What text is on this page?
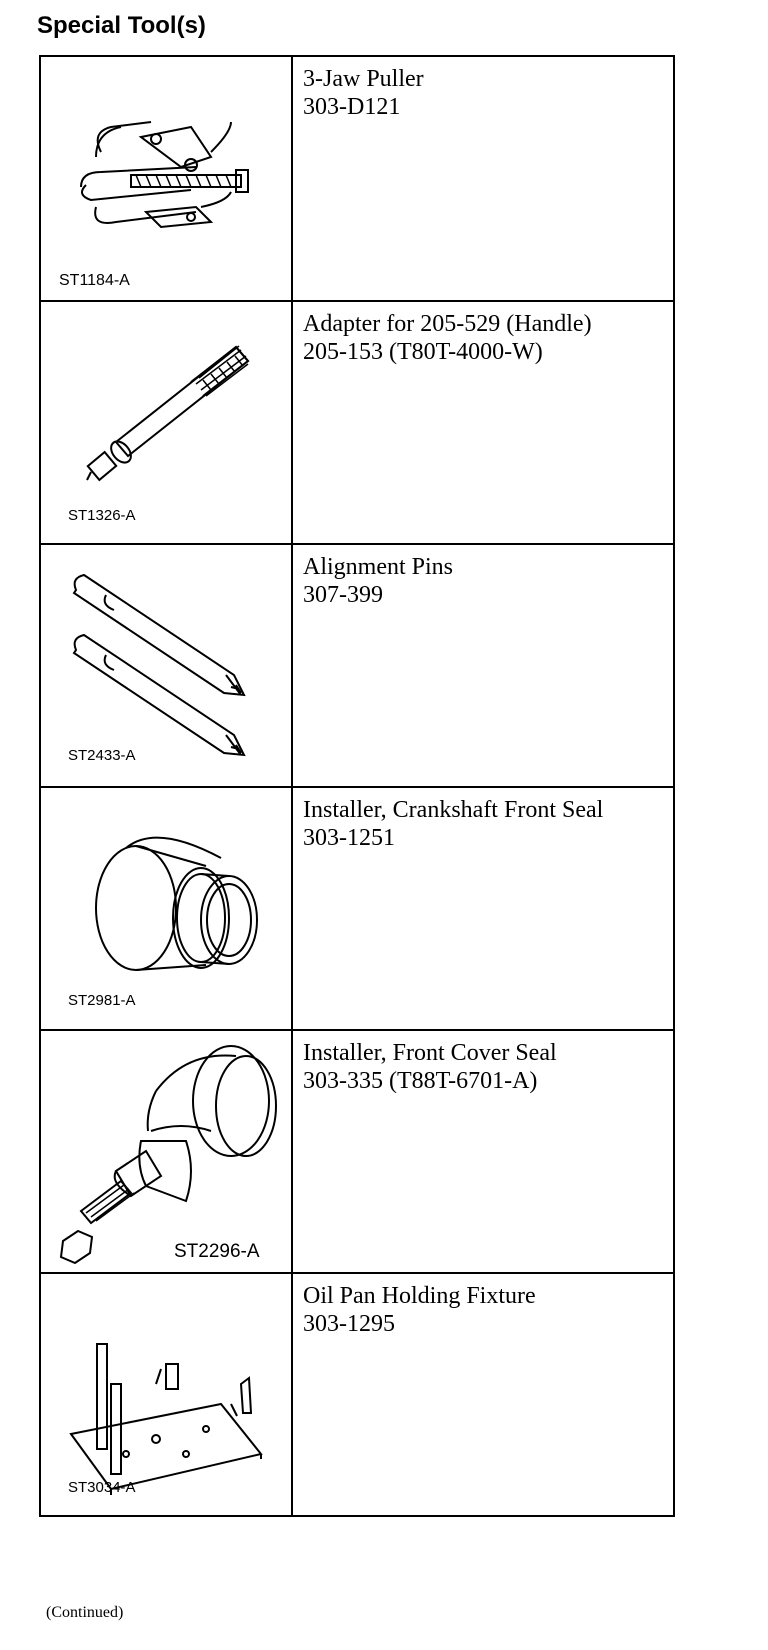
Special Tool(s)
ST1184-A
3-Jaw Puller
303-D121
ST1326-A
Adapter for 205-529 (Handle)
205-153 (T80T-4000-W)
ST2433-A
Alignment Pins
307-399
ST2981-A
Installer, Crankshaft Front Seal
303-1251
ST2296-A
Installer, Front Cover Seal
303-335 (T88T-6701-A)
ST3034-A
Oil Pan Holding Fixture
303-1295
(Continued)
